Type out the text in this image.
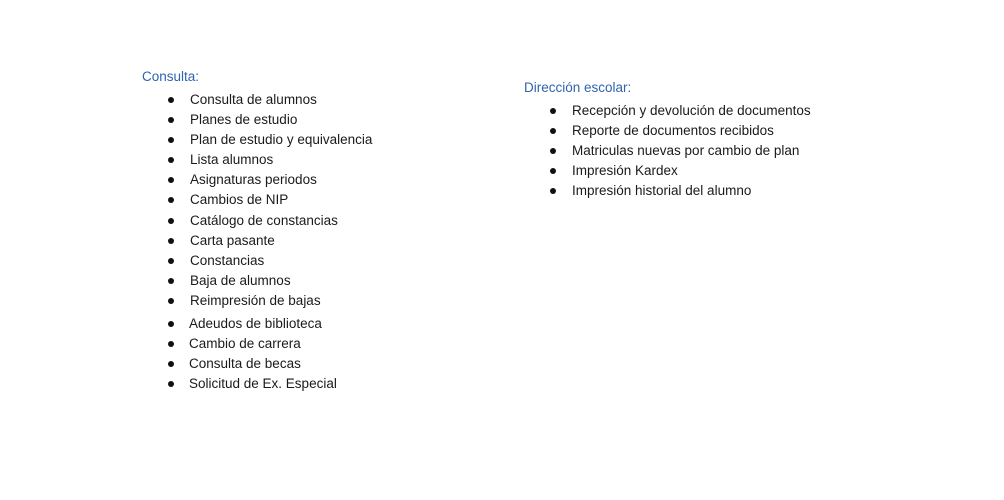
Consulta:
Consulta de alumnos
Planes de estudio
Plan de estudio y equivalencia
Lista alumnos
Asignaturas periodos
Cambios de NIP
Catálogo de constancias
Carta pasante
Constancias
Baja de alumnos
Reimpresión de bajas
Adeudos de biblioteca
Cambio de carrera
Consulta de becas
Solicitud de Ex. Especial
Dirección escolar:
Recepción y devolución de documentos
Reporte de documentos recibidos
Matriculas nuevas por cambio de plan
Impresión Kardex
Impresión historial del alumno
